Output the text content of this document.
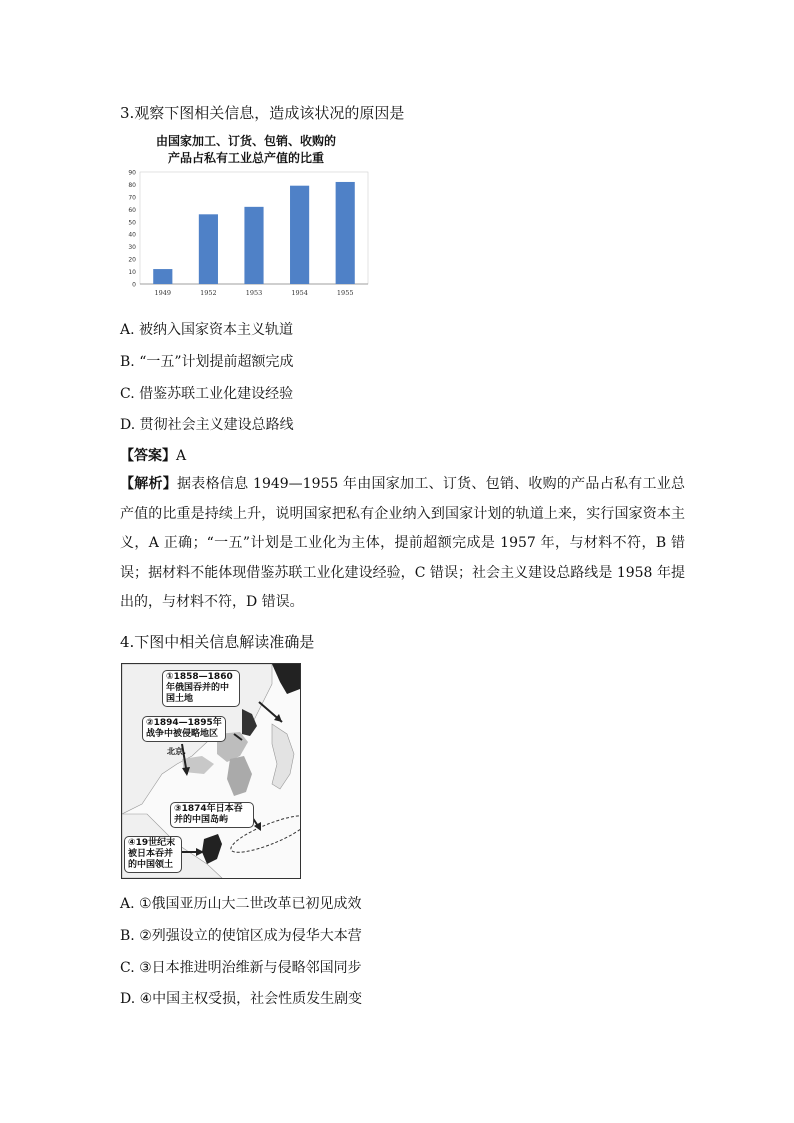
3.观察下图相关信息，造成该状况的原因是
由国家加工、订货、包销、收购的
产品占私有工业总产值的比重
0
10
20
30
40
50
60
70
80
90
1949	1952	1953	1954	1955
A. 被纳入国家资本主义轨道
B. “一五”计划提前超额完成
C. 借鉴苏联工业化建设经验
D. 贯彻社会主义建设总路线
【答案】A
【解析】据表格信息 1949—1955 年由国家加工、订货、包销、收购的产品占私有工业总产值的比重是持续上升，说明国家把私有企业纳入到国家计划的轨道上来，实行国家资本主义，A 正确；“一五”计划是工业化为主体，提前超额完成是 1957 年，与材料不符，B 错误；据材料不能体现借鉴苏联工业化建设经验，C 错误；社会主义建设总路线是 1958 年提出的，与材料不符，D 错误。
4.下图中相关信息解读准确是
①1858—1860年俄国吞并的中国土地
②1894—1895年战争中被侵略地区
北京.
③1874年日本吞并的中国岛屿
④19世纪末被日本吞并的中国领土
A. ①俄国亚历山大二世改革已初见成效
B. ②列强设立的使馆区成为侵华大本营
C. ③日本推进明治维新与侵略邻国同步
D. ④中国主权受损，社会性质发生剧变
